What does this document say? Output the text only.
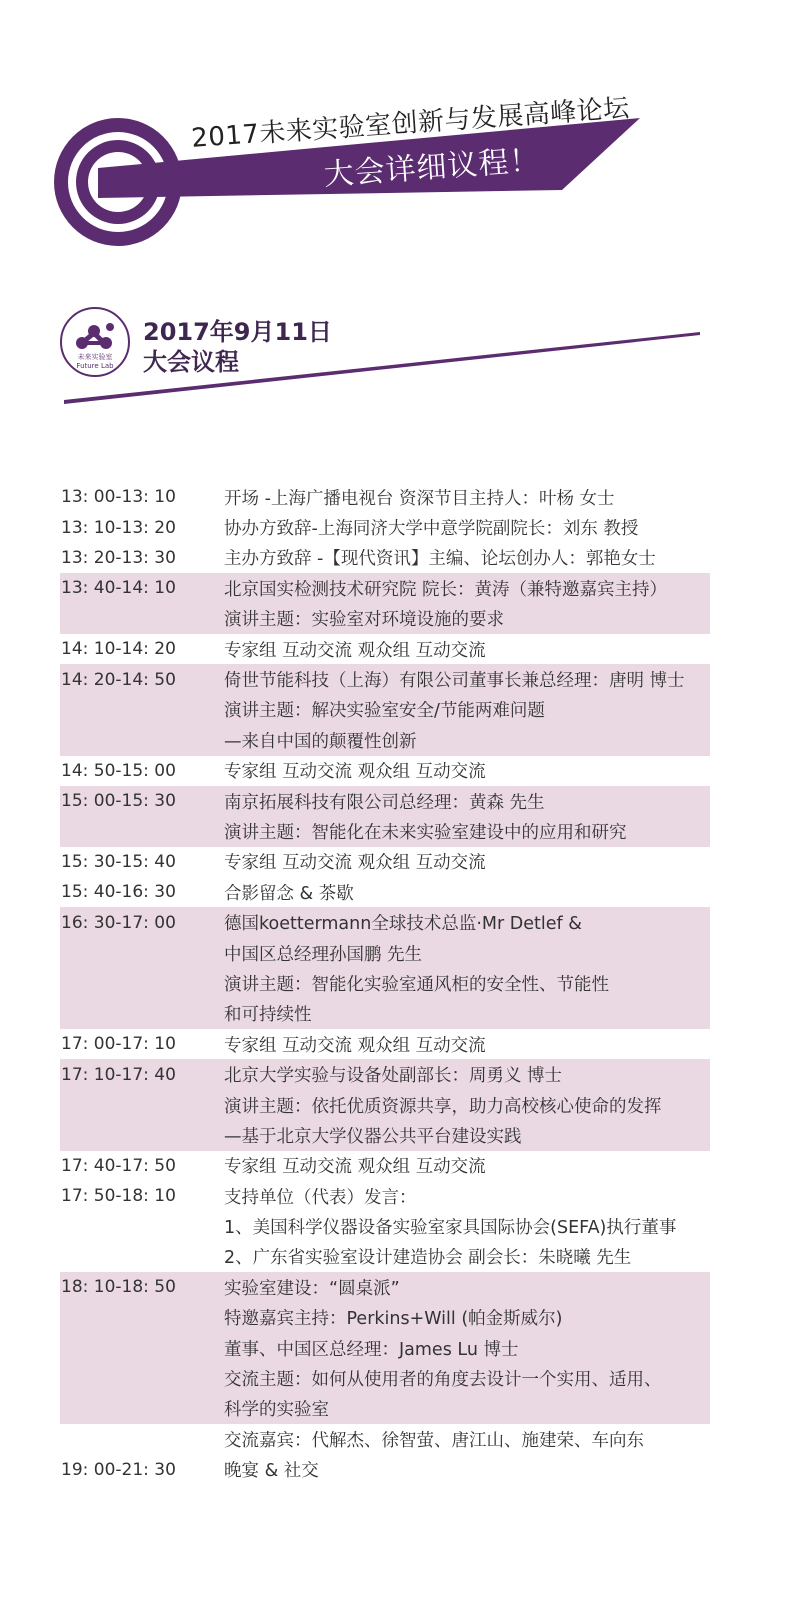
2017未来实验室创新与发展高峰论坛
大会详细议程！
未来实验室
Future Lab
2017年9月11日
大会议程
13: 00-13: 10	开场 -上海广播电视台 资深节目主持人：叶杨 女士
13: 10-13: 20	协办方致辞-上海同济大学中意学院副院长：刘东 教授
13: 20-13: 30	主办方致辞 -【现代资讯】主编、论坛创办人：郭艳女士
13: 40-14: 10	北京国实检测技术研究院 院长：黄涛（兼特邀嘉宾主持）
演讲主题：实验室对环境设施的要求
14: 10-14: 20	专家组 互动交流 观众组 互动交流
14: 20-14: 50	倚世节能科技（上海）有限公司董事长兼总经理：唐明 博士
演讲主题：解决实验室安全/节能两难问题
—来自中国的颠覆性创新
14: 50-15: 00	专家组 互动交流 观众组 互动交流
15: 00-15: 30	南京拓展科技有限公司总经理：黄森 先生
演讲主题：智能化在未来实验室建设中的应用和研究
15: 30-15: 40	专家组 互动交流 观众组 互动交流
15: 40-16: 30	合影留念 & 茶歇
16: 30-17: 00	德国koettermann全球技术总监·Mr Detlef &
中国区总经理孙国鹏 先生
演讲主题：智能化实验室通风柜的安全性、节能性
和可持续性
17: 00-17: 10	专家组 互动交流 观众组 互动交流
17: 10-17: 40	北京大学实验与设备处副部长：周勇义 博士
演讲主题：依托优质资源共享，助力高校核心使命的发挥
—基于北京大学仪器公共平台建设实践
17: 40-17: 50	专家组 互动交流 观众组 互动交流
17: 50-18: 10	支持单位（代表）发言：
1、美国科学仪器设备实验室家具国际协会(SEFA)执行董事
2、广东省实验室设计建造协会 副会长：朱晓曦 先生
18: 10-18: 50	实验室建设：“圆桌派”
特邀嘉宾主持：Perkins+Will (帕金斯威尔)
董事、中国区总经理：James Lu 博士
交流主题：如何从使用者的角度去设计一个实用、适用、
科学的实验室
交流嘉宾：代解杰、徐智萤、唐江山、施建荣、车向东
19: 00-21: 30	晚宴 & 社交
